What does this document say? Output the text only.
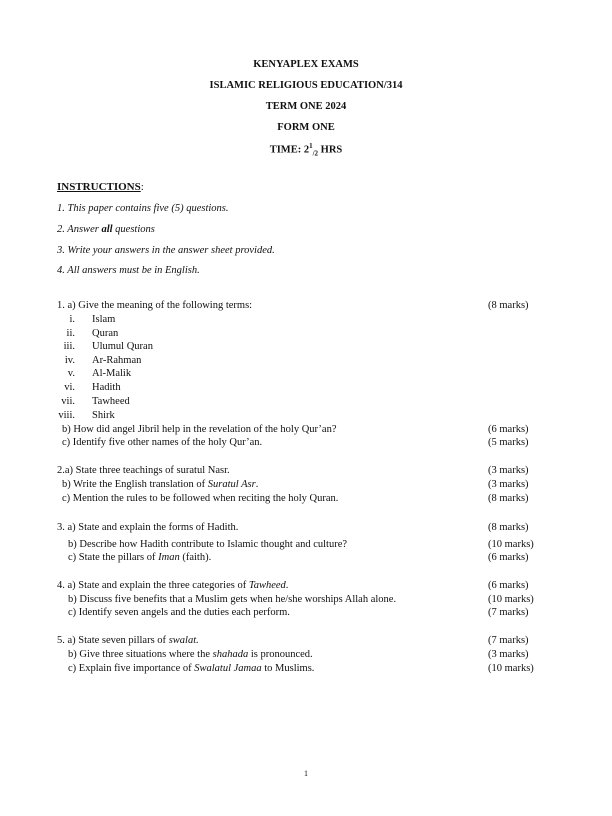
KENYAPLEX EXAMS
ISLAMIC RELIGIOUS EDUCATION/314
TERM ONE 2024
FORM ONE
TIME: $2^1_{/2}$ HRS
INSTRUCTIONS:
1. This paper contains five (5) questions.
2. Answer all questions
3. Write your answers in the answer sheet provided.
4. All answers must be in English.
1. a) Give the meaning of the following terms:	(8 marks)
i. Islam
ii. Quran
iii. Ulumul Quran
iv. Ar-Rahman
v. Al-Malik
vi. Hadith
vii. Tawheed
viii. Shirk
b) How did angel Jibril help in the revelation of the holy Qur’an?	(6 marks)
c) Identify five other names of the holy Qur’an.	(5 marks)
2.a) State three teachings of suratul Nasr.	(3 marks)
b) Write the English translation of Suratul Asr.	(3 marks)
c) Mention the rules to be followed when reciting the holy Quran.	(8 marks)
3. a) State and explain the forms of Hadith.	(8 marks)
b) Describe how Hadith contribute to Islamic thought and culture?	(10 marks)
c) State the pillars of Iman (faith).	(6 marks)
4. a) State and explain the three categories of Tawheed.	(6 marks)
b) Discuss five benefits that a Muslim gets when he/she worships Allah alone.	(10 marks)
c) Identify seven angels and the duties each perform.	(7 marks)
5. a) State seven pillars of swalat.	(7 marks)
b) Give three situations where the shahada is pronounced.	(3 marks)
c) Explain five importance of Swalatul Jamaa to Muslims.	(10 marks)
1
